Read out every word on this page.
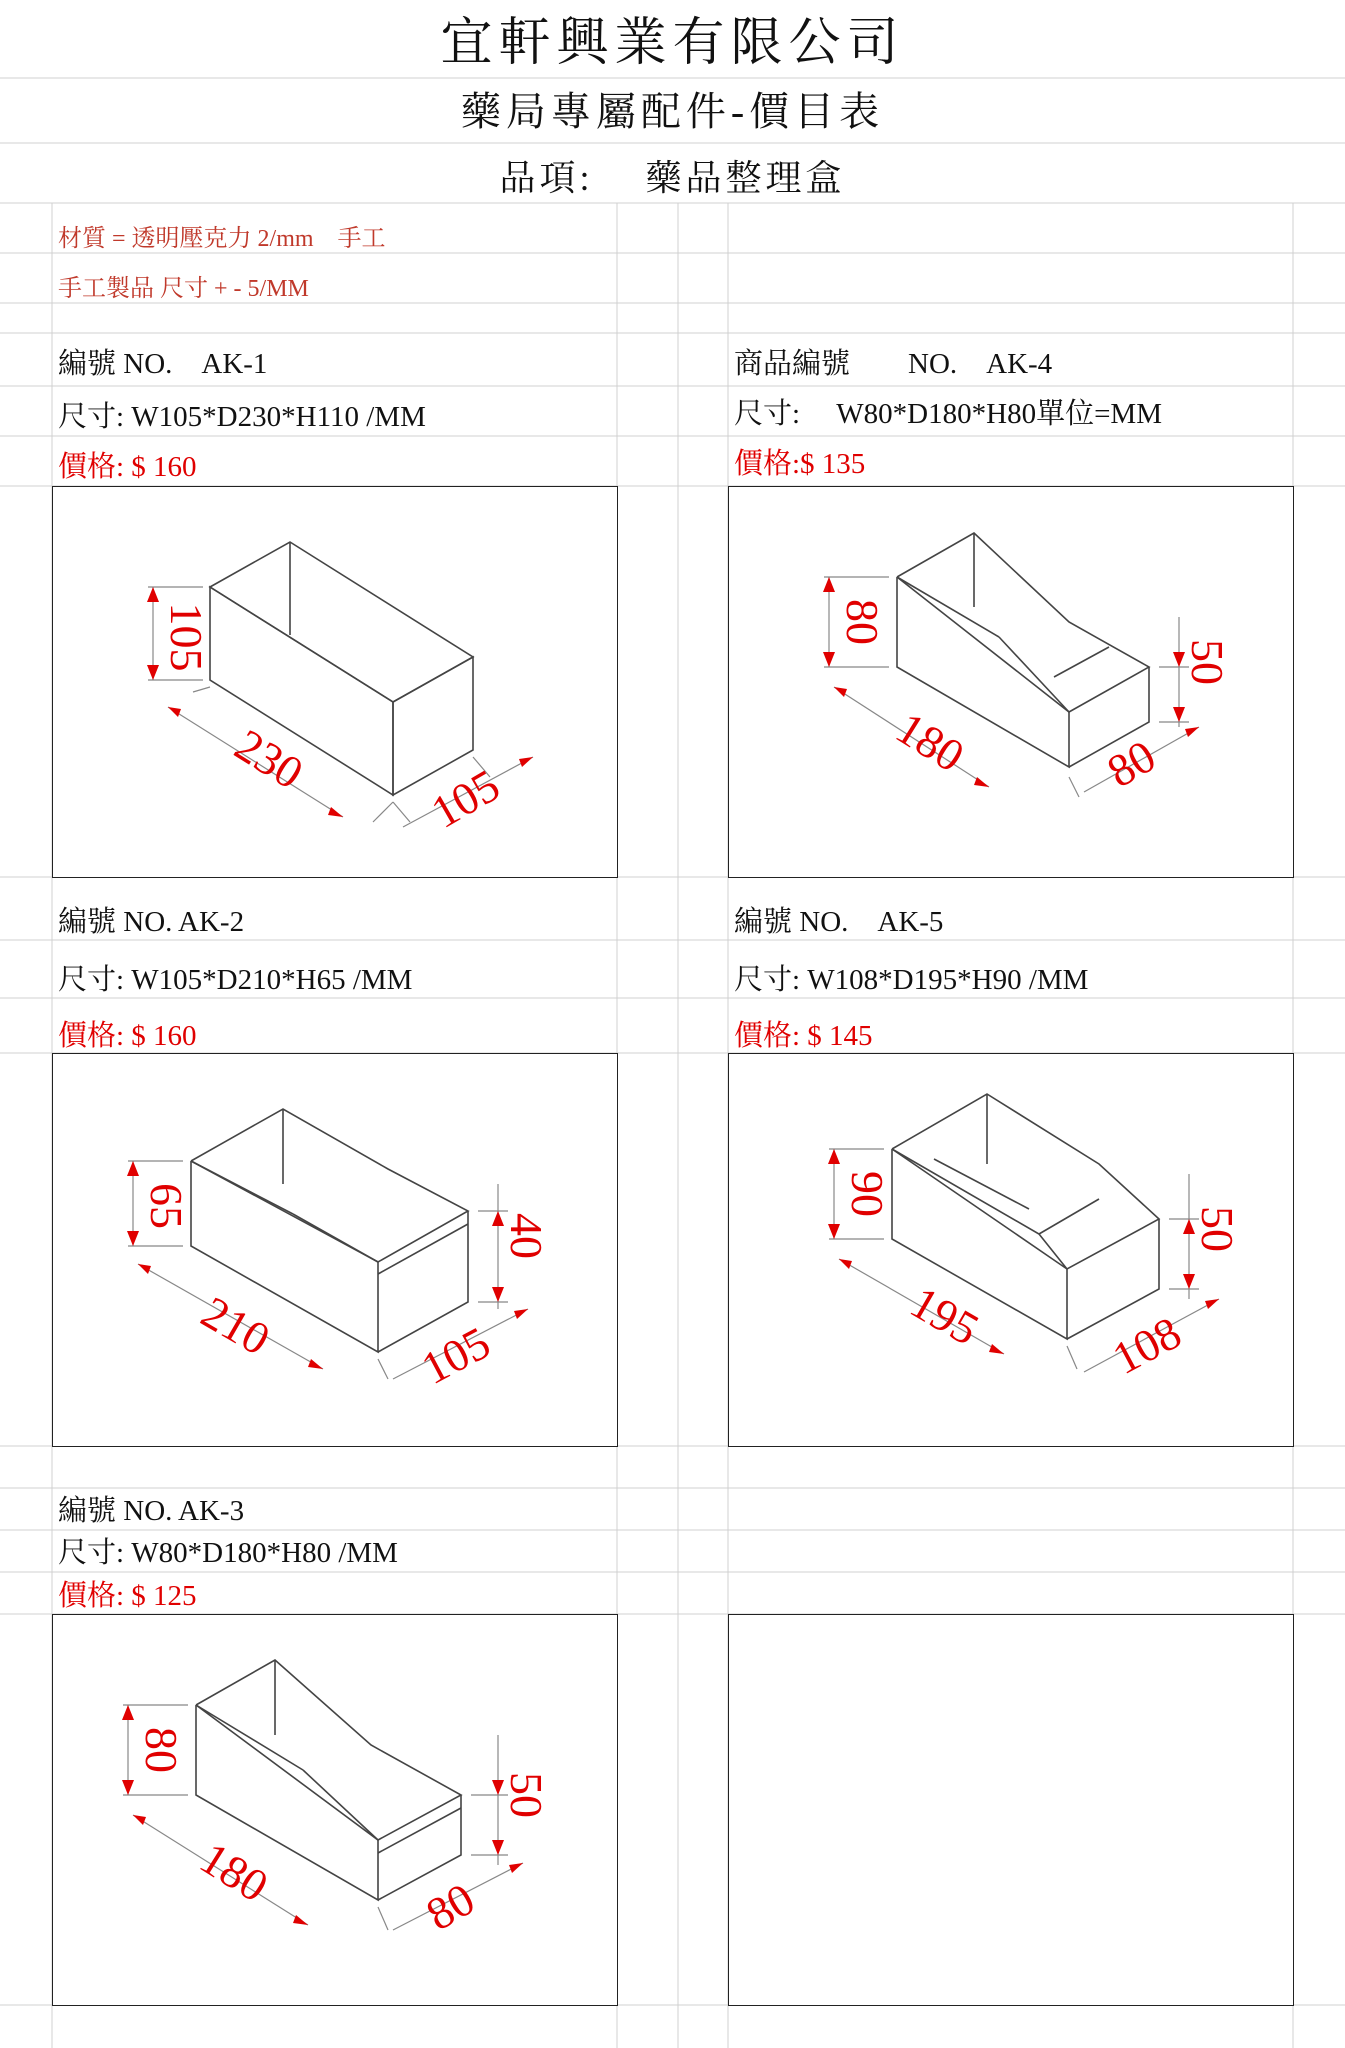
宜軒興業有限公司
藥局專屬配件-價目表
品項: 藥品整理盒
材質 = 透明壓克力 2/mm　手工
手工製品 尺寸 + - 5/MM
編號 NO.　AK-1
尺寸: W105*D230*H110 /MM
價格: $ 160
105
230 105
商品編號　　NO.　AK-4
尺寸:　 W80*D180*H80單位=MM
價格:$ 135
80
50
180	80
編號 NO. AK-2
尺寸: W105*D210*H65 /MM
價格: $ 160
65
40
210	105
編號 NO.　AK-5
尺寸: W108*D195*H90 /MM
價格: $ 145
90
50
195	108
編號 NO. AK-3
尺寸: W80*D180*H80 /MM
價格: $ 125
80
50
180	80
